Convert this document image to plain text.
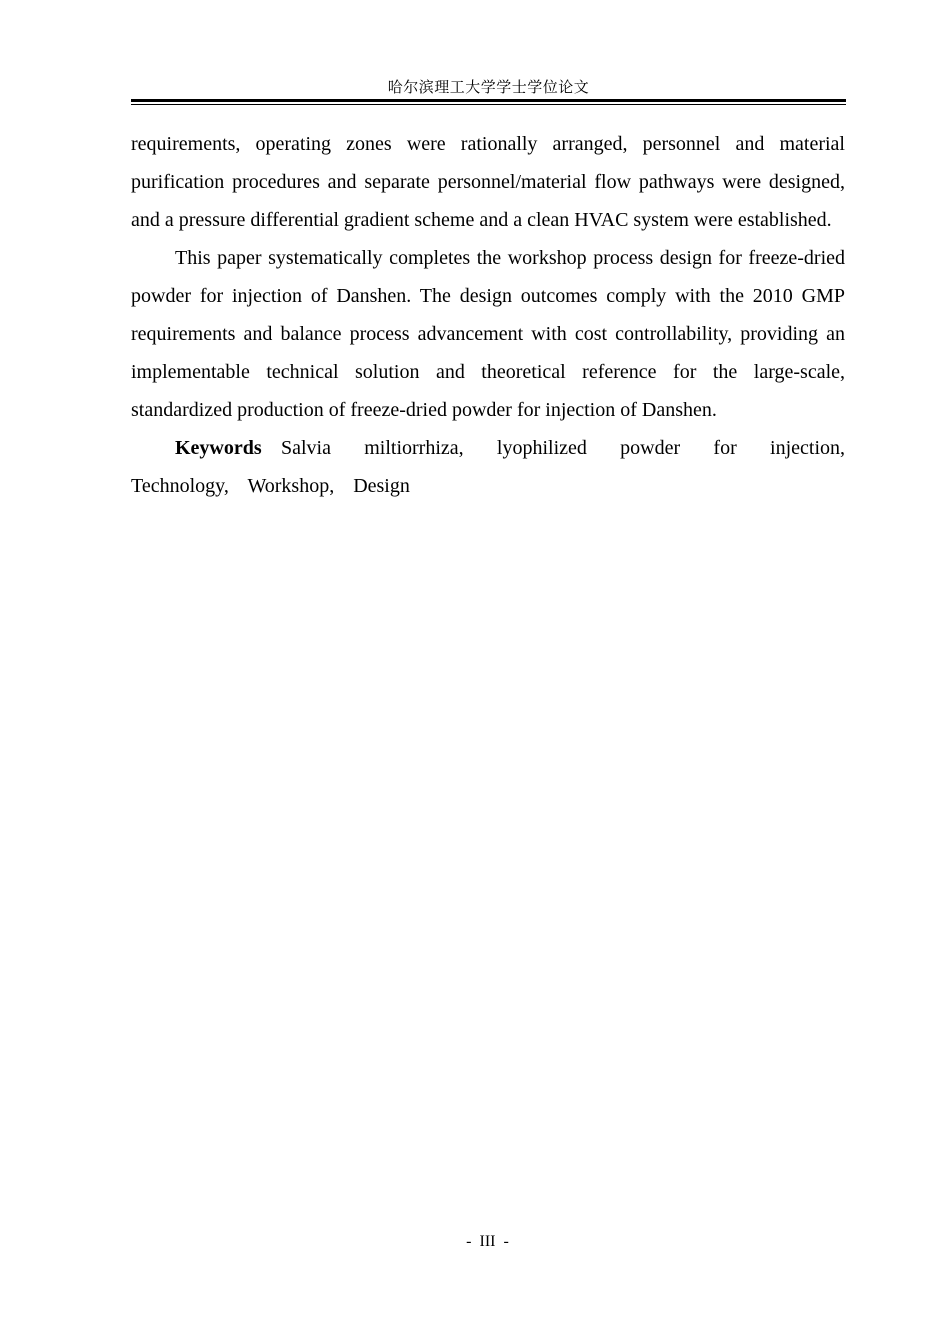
哈尔滨理工大学学士学位论文

requirements, operating zones were rationally arranged, personnel and material purification procedures and separate personnel/material flow pathways were designed, and a pressure differential gradient scheme and a clean HVAC system were established.

This paper systematically completes the workshop process design for freeze-dried powder for injection of Danshen. The design outcomes comply with the 2010 GMP requirements and balance process advancement with cost controllability, providing an implementable technical solution and theoretical reference for the large-scale, standardized production of freeze-dried powder for injection of Danshen.

Keywords Salvia miltiorrhiza, lyophilized powder for injection, Technology, Workshop, Design

- III -
